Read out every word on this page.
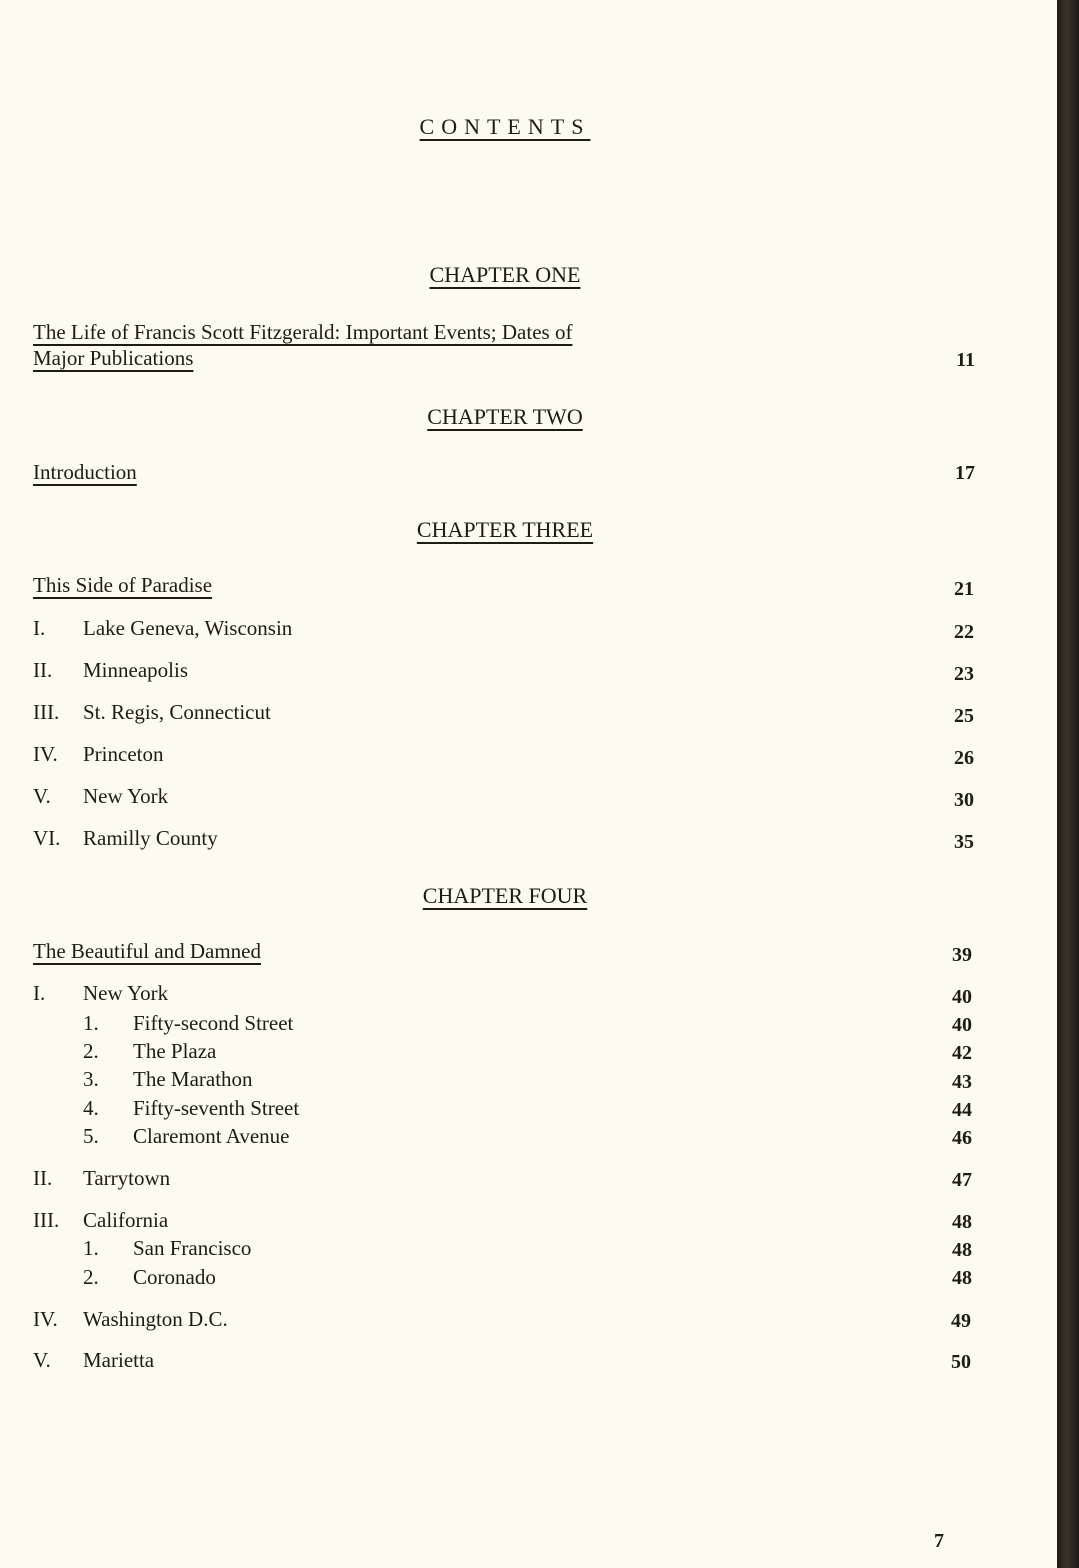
CONTENTS
CHAPTER ONE
The Life of Francis Scott Fitzgerald: Important Events; Dates of
Major Publications	11
CHAPTER TWO
Introduction	17
CHAPTER THREE
This Side of Paradise	21
I. Lake Geneva, Wisconsin	22
II. Minneapolis	23
III. St. Regis, Connecticut	25
IV. Princeton	26
V. New York	30
VI. Ramilly County	35
CHAPTER FOUR
The Beautiful and Damned	39
I. New York	40
1. Fifty-second Street	40
2. The Plaza	42
3. The Marathon	43
4. Fifty-seventh Street	44
5. Claremont Avenue	46
II. Tarrytown	47
III. California	48
1. San Francisco	48
2. Coronado	48
IV. Washington D.C.	49
V. Marietta	50
7
